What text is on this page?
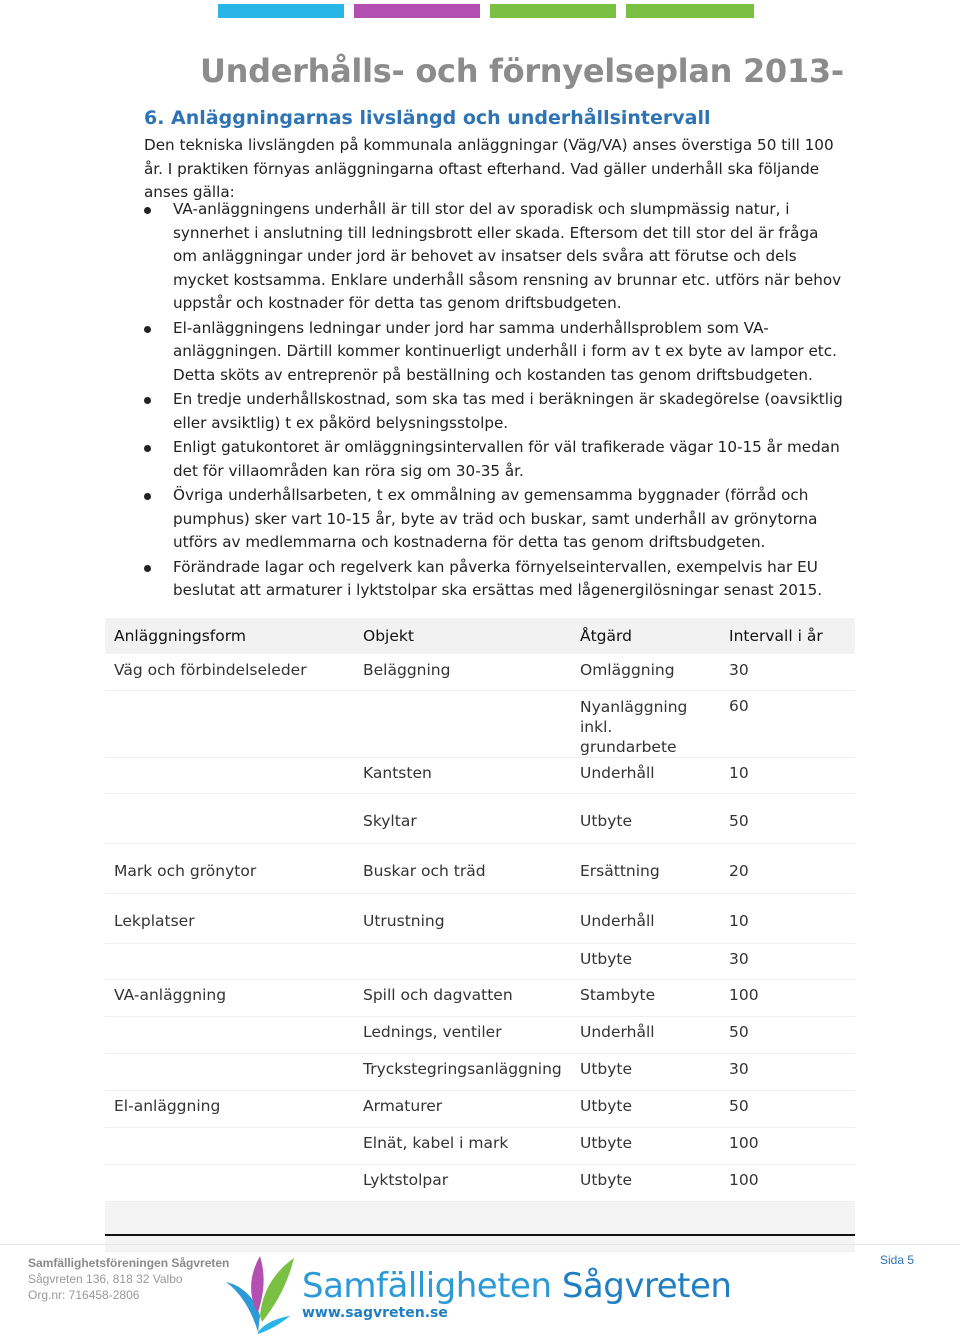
Underhålls- och förnyelseplan 2013-
6. Anläggningarnas livslängd och underhållsintervall

Den tekniska livslängden på kommunala anläggningar (Väg/VA) anses överstiga 50 till 100 år. I praktiken förnyas anläggningarna oftast efterhand. Vad gäller underhåll ska följande anses gälla:

VA-anläggningens underhåll är till stor del av sporadisk och slumpmässig natur, i synnerhet i anslutning till ledningsbrott eller skada. Eftersom det till stor del är fråga om anläggningar under jord är behovet av insatser dels svåra att förutse och dels mycket kostsamma. Enklare underhåll såsom rensning av brunnar etc. utförs när behov uppstår och kostnader för detta tas genom driftsbudgeten.
El-anläggningens ledningar under jord har samma underhållsproblem som VA-anläggningen. Därtill kommer kontinuerligt underhåll i form av t ex byte av lampor etc. Detta sköts av entreprenör på beställning och kostanden tas genom driftsbudgeten.
En tredje underhållskostnad, som ska tas med i beräkningen är skadegörelse (oavsiktlig eller avsiktlig) t ex påkörd belysningsstolpe.
Enligt gatukontoret är omläggningsintervallen för väl trafikerade vägar 10-15 år medan det för villaområden kan röra sig om 30-35 år.
Övriga underhållsarbeten, t ex ommålning av gemensamma byggnader (förråd och pumphus) sker vart 10-15 år, byte av träd och buskar, samt underhåll av grönytorna utförs av medlemmarna och kostnaderna för detta tas genom driftsbudgeten.
Förändrade lagar och regelverk kan påverka förnyelseintervallen, exempelvis har EU beslutat att armaturer i lyktstolpar ska ersättas med lågenergilösningar senast 2015.
Anläggningsform	Objekt	Åtgärd	Intervall i år
Väg och förbindelseleder	Beläggning	Omläggning	30
		Nyanläggning inkl. grundarbete	60
	Kantsten	Underhåll	10
	Skyltar	Utbyte	50
Mark och grönytor	Buskar och träd	Ersättning	20
Lekplatser	Utrustning	Underhåll	10
		Utbyte	30
VA-anläggning	Spill och dagvatten	Stambyte	100
	Lednings, ventiler	Underhåll	50
	Tryckstegringsanläggning	Utbyte	30
El-anläggning	Armaturer	Utbyte	50
	Elnät, kabel i mark	Utbyte	100
	Lyktstolpar	Utbyte	100

Samfällighetsföreningen Sågvreten
Sågvreten 136, 818 32 Valbo
Org.nr: 716458-2806	Samfälligheten Sågvreten
www.sagvreten.se
Sida 5
